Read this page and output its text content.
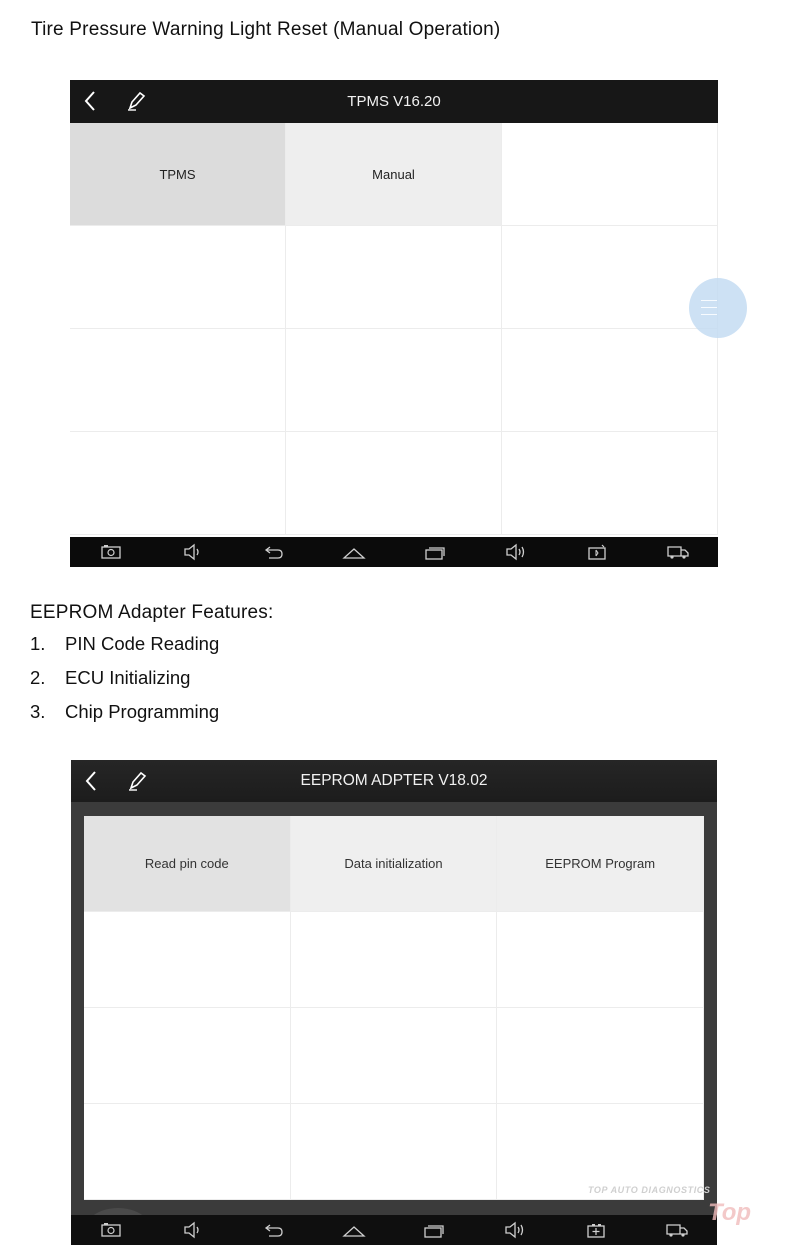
Tire Pressure Warning Light Reset (Manual Operation)
TPMS V16.20
TPMS	Manual
EEPROM Adapter Features:
1.	PIN Code Reading
2.	ECU Initializing
3.	Chip Programming
EEPROM ADPTER V18.02
Read pin code	Data initialization	EEPROM Program
TOP AUTO DIAGNOSTICS
Top
